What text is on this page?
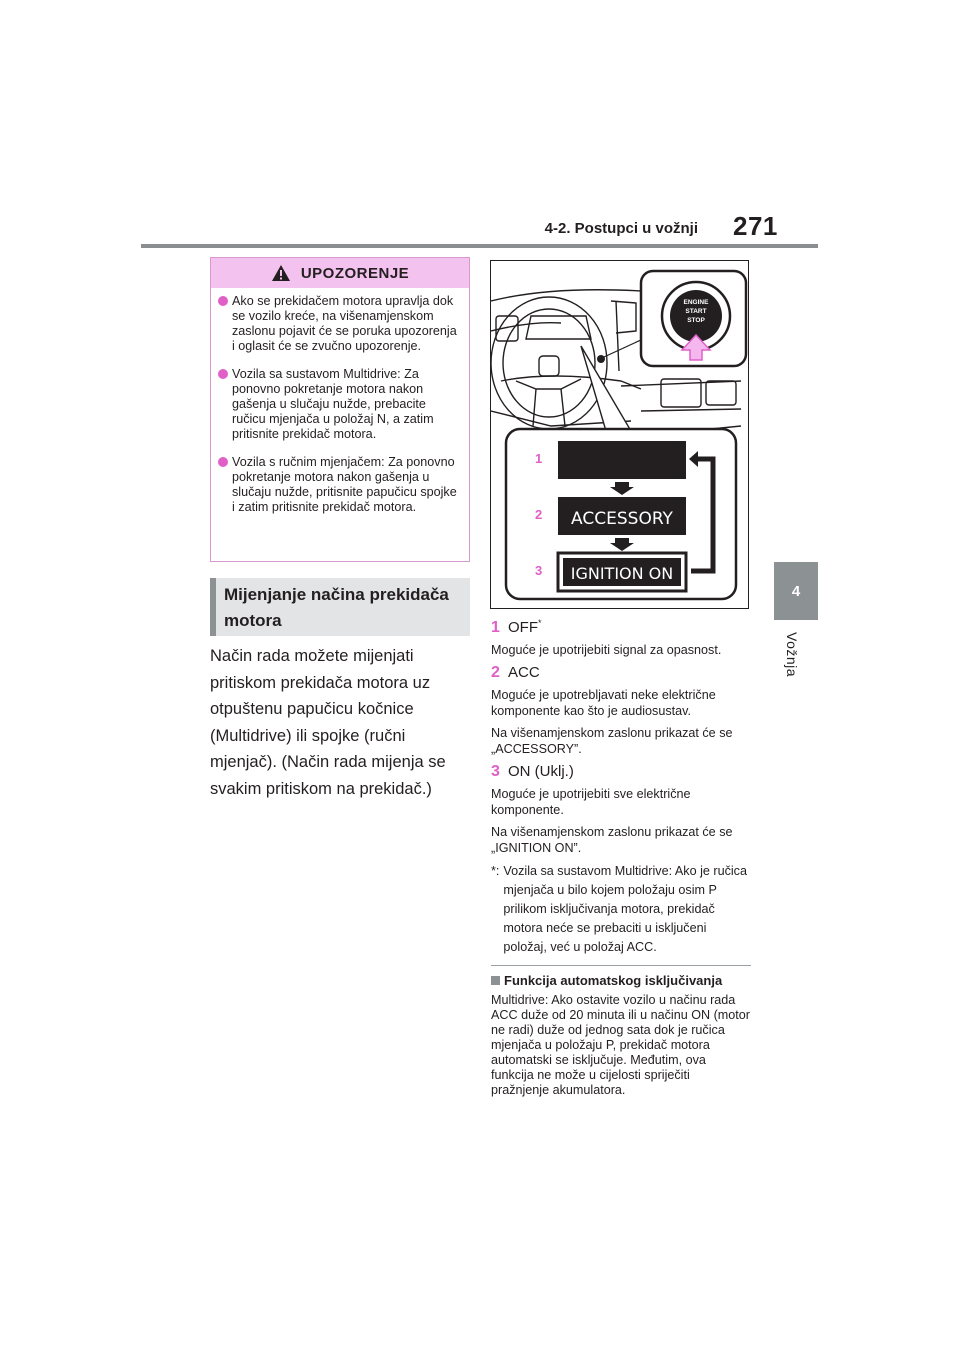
4-2. Postupci u vožnji 271
4
Vožnja
UPOZORENJE
Ako se prekidačem motora upravlja dok se vozilo kreće, na višenamjenskom zaslonu pojavit će se poruka upozorenja i oglasit će se zvučno upozorenje.
Vozila sa sustavom Multidrive: Za ponovno pokretanje motora nakon gašenja u slučaju nužde, prebacite ručicu mjenjača u položaj N, a zatim pritisnite prekidač motora.
Vozila s ručnim mjenjačem: Za ponovno pokretanje motora nakon gašenja u slučaju nužde, pritisnite papučicu spojke i zatim pritisnite prekidač motora.
Mijenjanje načina prekidača motora
Način rada možete mijenjati pritiskom prekidača motora uz otpuštenu papučicu kočnice (Multidrive) ili spojke (ručni mjenjač). (Način rada mijenja se svakim pritiskom na prekidač.)
ENGINE
START
STOP
ACCESSORY
IGNITION ON
1
2
3
1 OFF*

Moguće je upotrijebiti signal za opasnost.

2 ACC

Moguće je upotrebljavati neke električne komponente kao što je audiosustav.

Na višenamjenskom zaslonu prikazat će se „ACCESSORY”.

3 ON (Uklj.)

Moguće je upotrijebiti sve električne komponente.

Na višenamjenskom zaslonu prikazat će se „IGNITION ON”.

*: Vozila sa sustavom Multidrive: Ako je ručica mjenjača u bilo kojem položaju osim P prilikom isključivanja motora, prekidač motora neće se prebaciti u isključeni položaj, već u položaj ACC.
Funkcija automatskog isključivanja

Multidrive: Ako ostavite vozilo u načinu rada ACC duže od 20 minuta ili u načinu ON (motor ne radi) duže od jednog sata dok je ručica mjenjača u položaju P, prekidač motora automatski se isključuje. Međutim, ova funkcija ne može u cijelosti spriječiti pražnjenje akumulatora.
